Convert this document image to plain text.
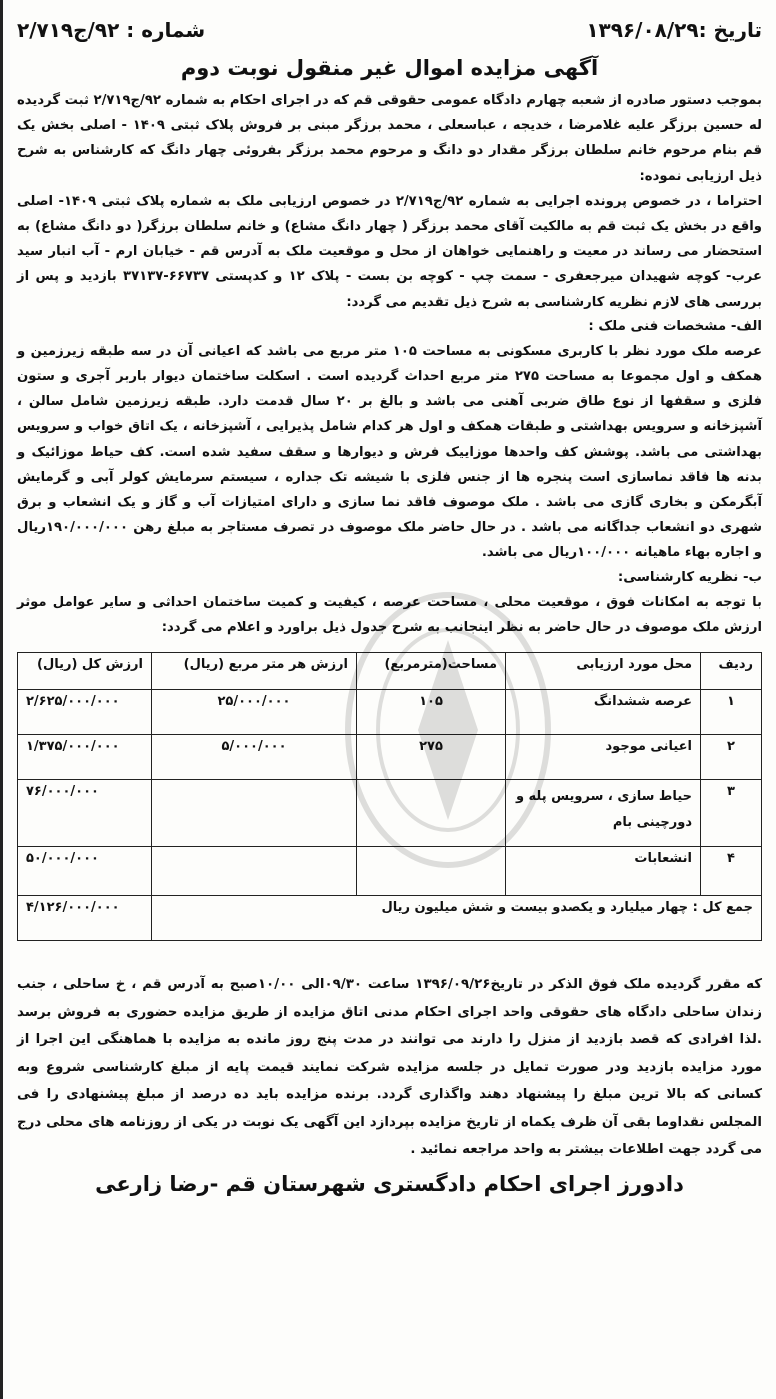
تاریخ :۱۳۹۶/۰۸/۲۹
شماره : ۹۲/ج۲/۷۱۹
آگهی مزایده اموال غیر منقول نوبت دوم

بموجب دستور صادره از شعبه چهارم دادگاه عمومی حقوقی قم که در اجرای احکام به شماره ۹۲/ج۲/۷۱۹ ثبت گردیده له حسین برزگر علیه غلامرضا ، خدیجه ، عباسعلی ، محمد برزگر مبنی بر فروش پلاک ثبتی ۱۴۰۹ - اصلی بخش یک قم بنام مرحوم خانم سلطان برزگر مقدار دو دانگ و مرحوم محمد برزگر بفروئی چهار دانگ که کارشناس به شرح ذیل ارزیابی نموده:

احتراما ، در خصوص پرونده اجرایی به شماره ۹۲/ج۲/۷۱۹ در خصوص ارزیابی ملک به شماره پلاک ثبتی ۱۴۰۹- اصلی واقع در بخش یک ثبت قم به مالکیت آقای محمد برزگر ( چهار دانگ مشاع) و خانم سلطان برزگر( دو دانگ مشاع) به استحضار می رساند در معیت و راهنمایی خواهان از محل و موقعیت ملک به آدرس قم - خیابان ارم - آب انبار سید عرب- کوچه شهیدان میرجعفری - سمت چپ - کوچه بن بست - پلاک ۱۲ و کدپستی ۶۶۷۳۷-۳۷۱۳۷ بازدید و پس از بررسی های لازم نظریه کارشناسی به شرح ذیل تقدیم می گردد:

الف- مشخصات فنی ملک :

عرصه ملک مورد نظر با کاربری مسکونی به مساحت ۱۰۵ متر مربع می باشد که اعیانی آن در سه طبقه زیرزمین و همکف و اول مجموعا به مساحت ۲۷۵ متر مربع احداث گردیده است . اسکلت ساختمان دیوار باربر آجری و ستون فلزی و سقفها از نوع طاق ضربی آهنی می باشد و بالغ بر ۲۰ سال قدمت دارد. طبقه زیرزمین شامل سالن ، آشپزخانه و سرویس بهداشتی و طبقات همکف و اول هر کدام شامل پذیرایی ، آشپزخانه ، یک اتاق خواب و سرویس بهداشتی می باشد. پوشش کف واحدها موزاییک فرش و دیوارها و سقف سفید شده است. کف حیاط موزائیک و بدنه ها فاقد نماسازی است پنجره ها از جنس فلزی با شیشه تک جداره ، سیستم سرمایش کولر آبی و گرمایش آبگرمکن و بخاری گازی می باشد . ملک موصوف فاقد نما سازی و دارای امتیازات آب و گاز و یک انشعاب و برق شهری دو انشعاب جداگانه می باشد . در حال حاضر ملک موصوف در تصرف مستاجر به مبلغ رهن ۱۹۰/۰۰۰/۰۰۰ریال و اجاره بهاء ماهیانه ۱۰۰/۰۰۰ریال می باشد.

ب- نظریه کارشناسی:

با توجه به امکانات فوق ، موقعیت محلی ، مساحت عرصه ، کیفیت و کمیت ساختمان احداثی و سایر عوامل موثر ارزش ملک موصوف در حال حاضر به نظر اینجانب به شرح جدول ذیل براورد و اعلام می گردد:

ردیف	محل مورد ارزیابی	مساحت(مترمربع)	ارزش هر متر مربع (ریال)	ارزش کل (ریال)
۱	عرصه ششدانگ	۱۰۵	۲۵/۰۰۰/۰۰۰	۲/۶۲۵/۰۰۰/۰۰۰
۲	اعیانی موجود	۲۷۵	۵/۰۰۰/۰۰۰	۱/۳۷۵/۰۰۰/۰۰۰
۳	حیاط سازی ، سرویس پله و دورچینی بام			۷۶/۰۰۰/۰۰۰
۴	انشعابات			۵۰/۰۰۰/۰۰۰
جمع کل : چهار میلیارد و یکصدو بیست و شش میلیون ریال				۴/۱۲۶/۰۰۰/۰۰۰
که مقرر گردیده ملک فوق الذکر در تاریخ۱۳۹۶/۰۹/۲۶ ساعت ۰۹/۳۰الی ۱۰/۰۰صبح به آدرس قم ، خ ساحلی ، جنب زندان ساحلی دادگاه های حقوقی واحد اجرای احکام مدنی اتاق مزایده از طریق مزایده حضوری به فروش برسد .لذا افرادی که قصد بازدید از منزل را دارند می توانند در مدت پنج روز مانده به مزایده با هماهنگی این اجرا از مورد مزایده بازدید ودر صورت تمایل در جلسه مزایده شرکت نمایند قیمت پایه از مبلغ کارشناسی شروع وبه کسانی که بالا ترین مبلغ را پیشنهاد دهند واگذاری گردد. برنده مزایده باید ده درصد از مبلغ پیشنهادی را فی المجلس نقداوما بقی آن ظرف یکماه از تاریخ مزایده بپردازد این آگهی یک نوبت در یکی از روزنامه های محلی درج می گردد جهت اطلاعات بیشتر به واحد مراجعه نمائید .
دادورز اجرای احکام دادگستری شهرستان قم -رضا زارعی
